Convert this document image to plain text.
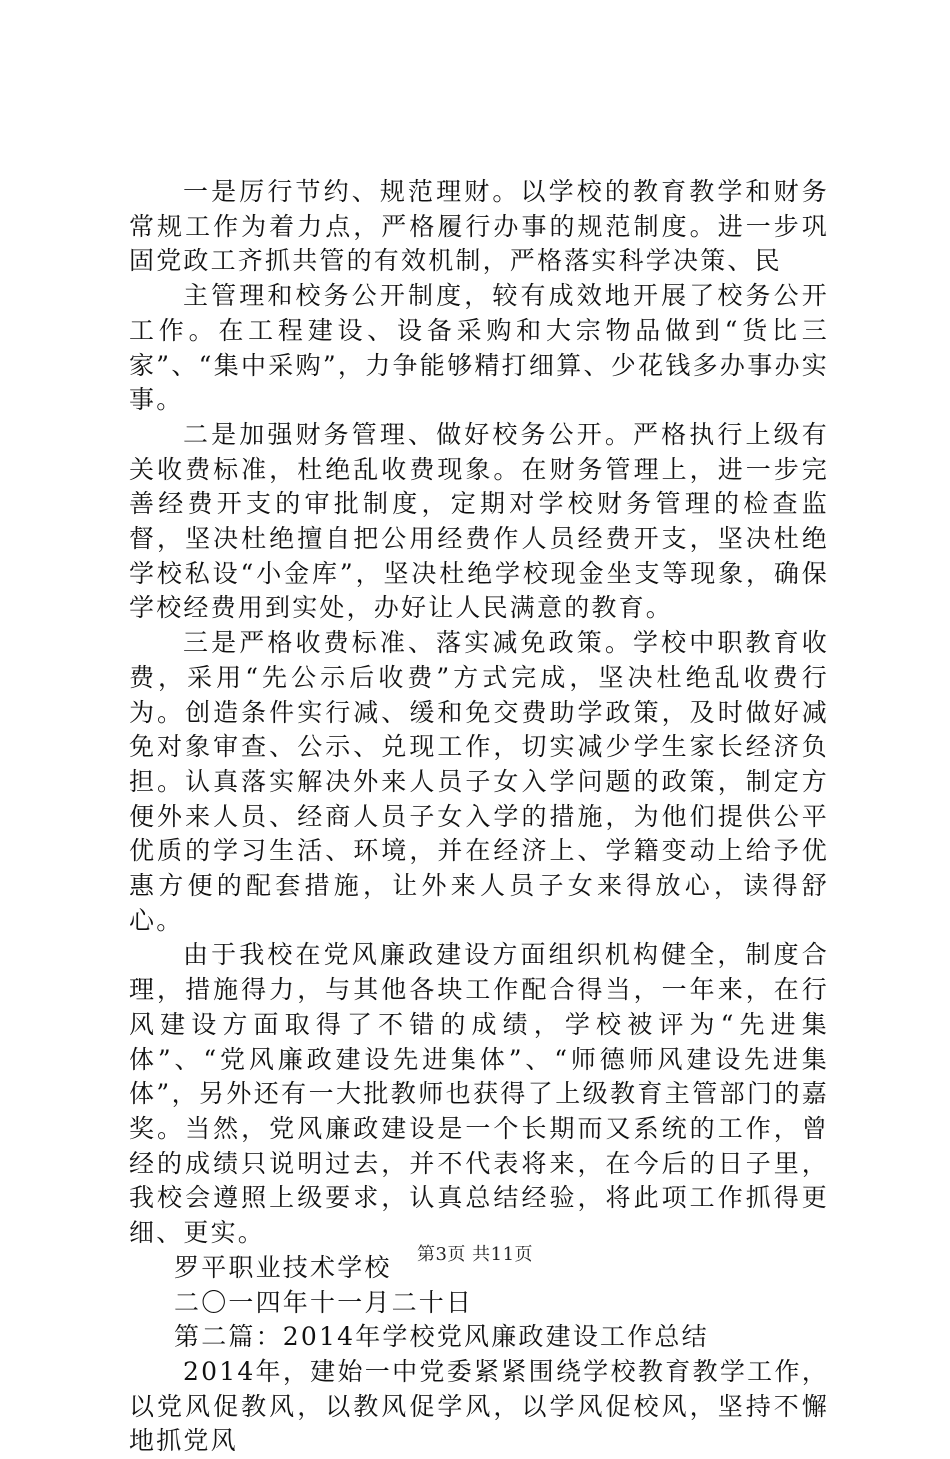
一是厉行节约、规范理财。以学校的教育教学和财务常规工作为着力点，严格履行办事的规范制度。进一步巩固党政工齐抓共管的有效机制，严格落实科学决策、民

主管理和校务公开制度，较有成效地开展了校务公开工作。在工程建设、设备采购和大宗物品做到“货比三家”、“集中采购”，力争能够精打细算、少花钱多办事办实事。

二是加强财务管理、做好校务公开。严格执行上级有关收费标准，杜绝乱收费现象。在财务管理上，进一步完善经费开支的审批制度，定期对学校财务管理的检查监督，坚决杜绝擅自把公用经费作人员经费开支，坚决杜绝学校私设“小金库”，坚决杜绝学校现金坐支等现象，确保学校经费用到实处，办好让人民满意的教育。

三是严格收费标准、落实减免政策。学校中职教育收费，采用“先公示后收费”方式完成，坚决杜绝乱收费行为。创造条件实行减、缓和免交费助学政策，及时做好减免对象审查、公示、兑现工作，切实减少学生家长经济负担。认真落实解决外来人员子女入学问题的政策，制定方便外来人员、经商人员子女入学的措施，为他们提供公平优质的学习生活、环境，并在经济上、学籍变动上给予优惠方便的配套措施，让外来人员子女来得放心，读得舒心。

由于我校在党风廉政建设方面组织机构健全，制度合理，措施得力，与其他各块工作配合得当，一年来，在行风建设方面取得了不错的成绩，学校被评为“先进集体”、“党风廉政建设先进集体”、“师德师风建设先进集体”，另外还有一大批教师也获得了上级教育主管部门的嘉奖。当然，党风廉政建设是一个长期而又系统的工作，曾经的成绩只说明过去，并不代表将来，在今后的日子里，我校会遵照上级要求，认真总结经验，将此项工作抓得更细、更实。

罗平职业技术学校

二〇一四年十一月二十日

第二篇：2014年学校党风廉政建设工作总结

2014年，建始一中党委紧紧围绕学校教育教学工作，以党风促教风，以教风促学风，以学风促校风，坚持不懈地抓党风

第3页 共11页
